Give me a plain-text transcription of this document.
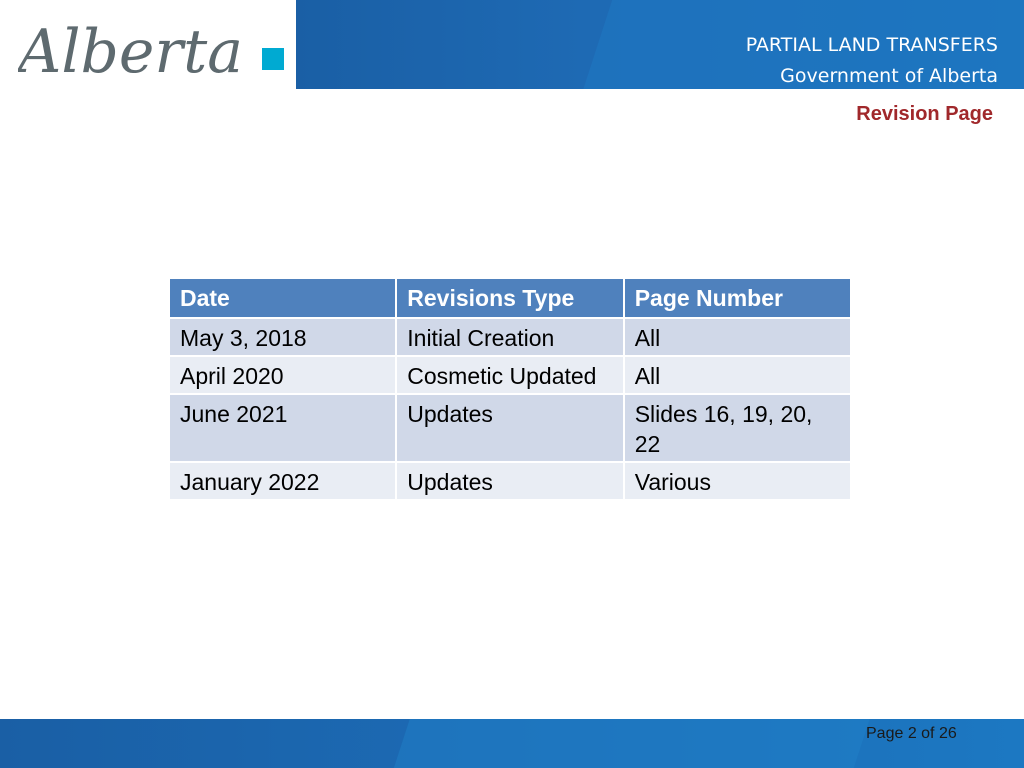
Alberta	PARTIAL LAND TRANSFERS
Government of Alberta
Revision Page
Date	Revisions Type	Page Number
May 3, 2018	Initial Creation	All
April 2020	Cosmetic Updated	All
June 2021	Updates	Slides 16, 19, 20, 22
January 2022	Updates	Various
Page 2 of 26
